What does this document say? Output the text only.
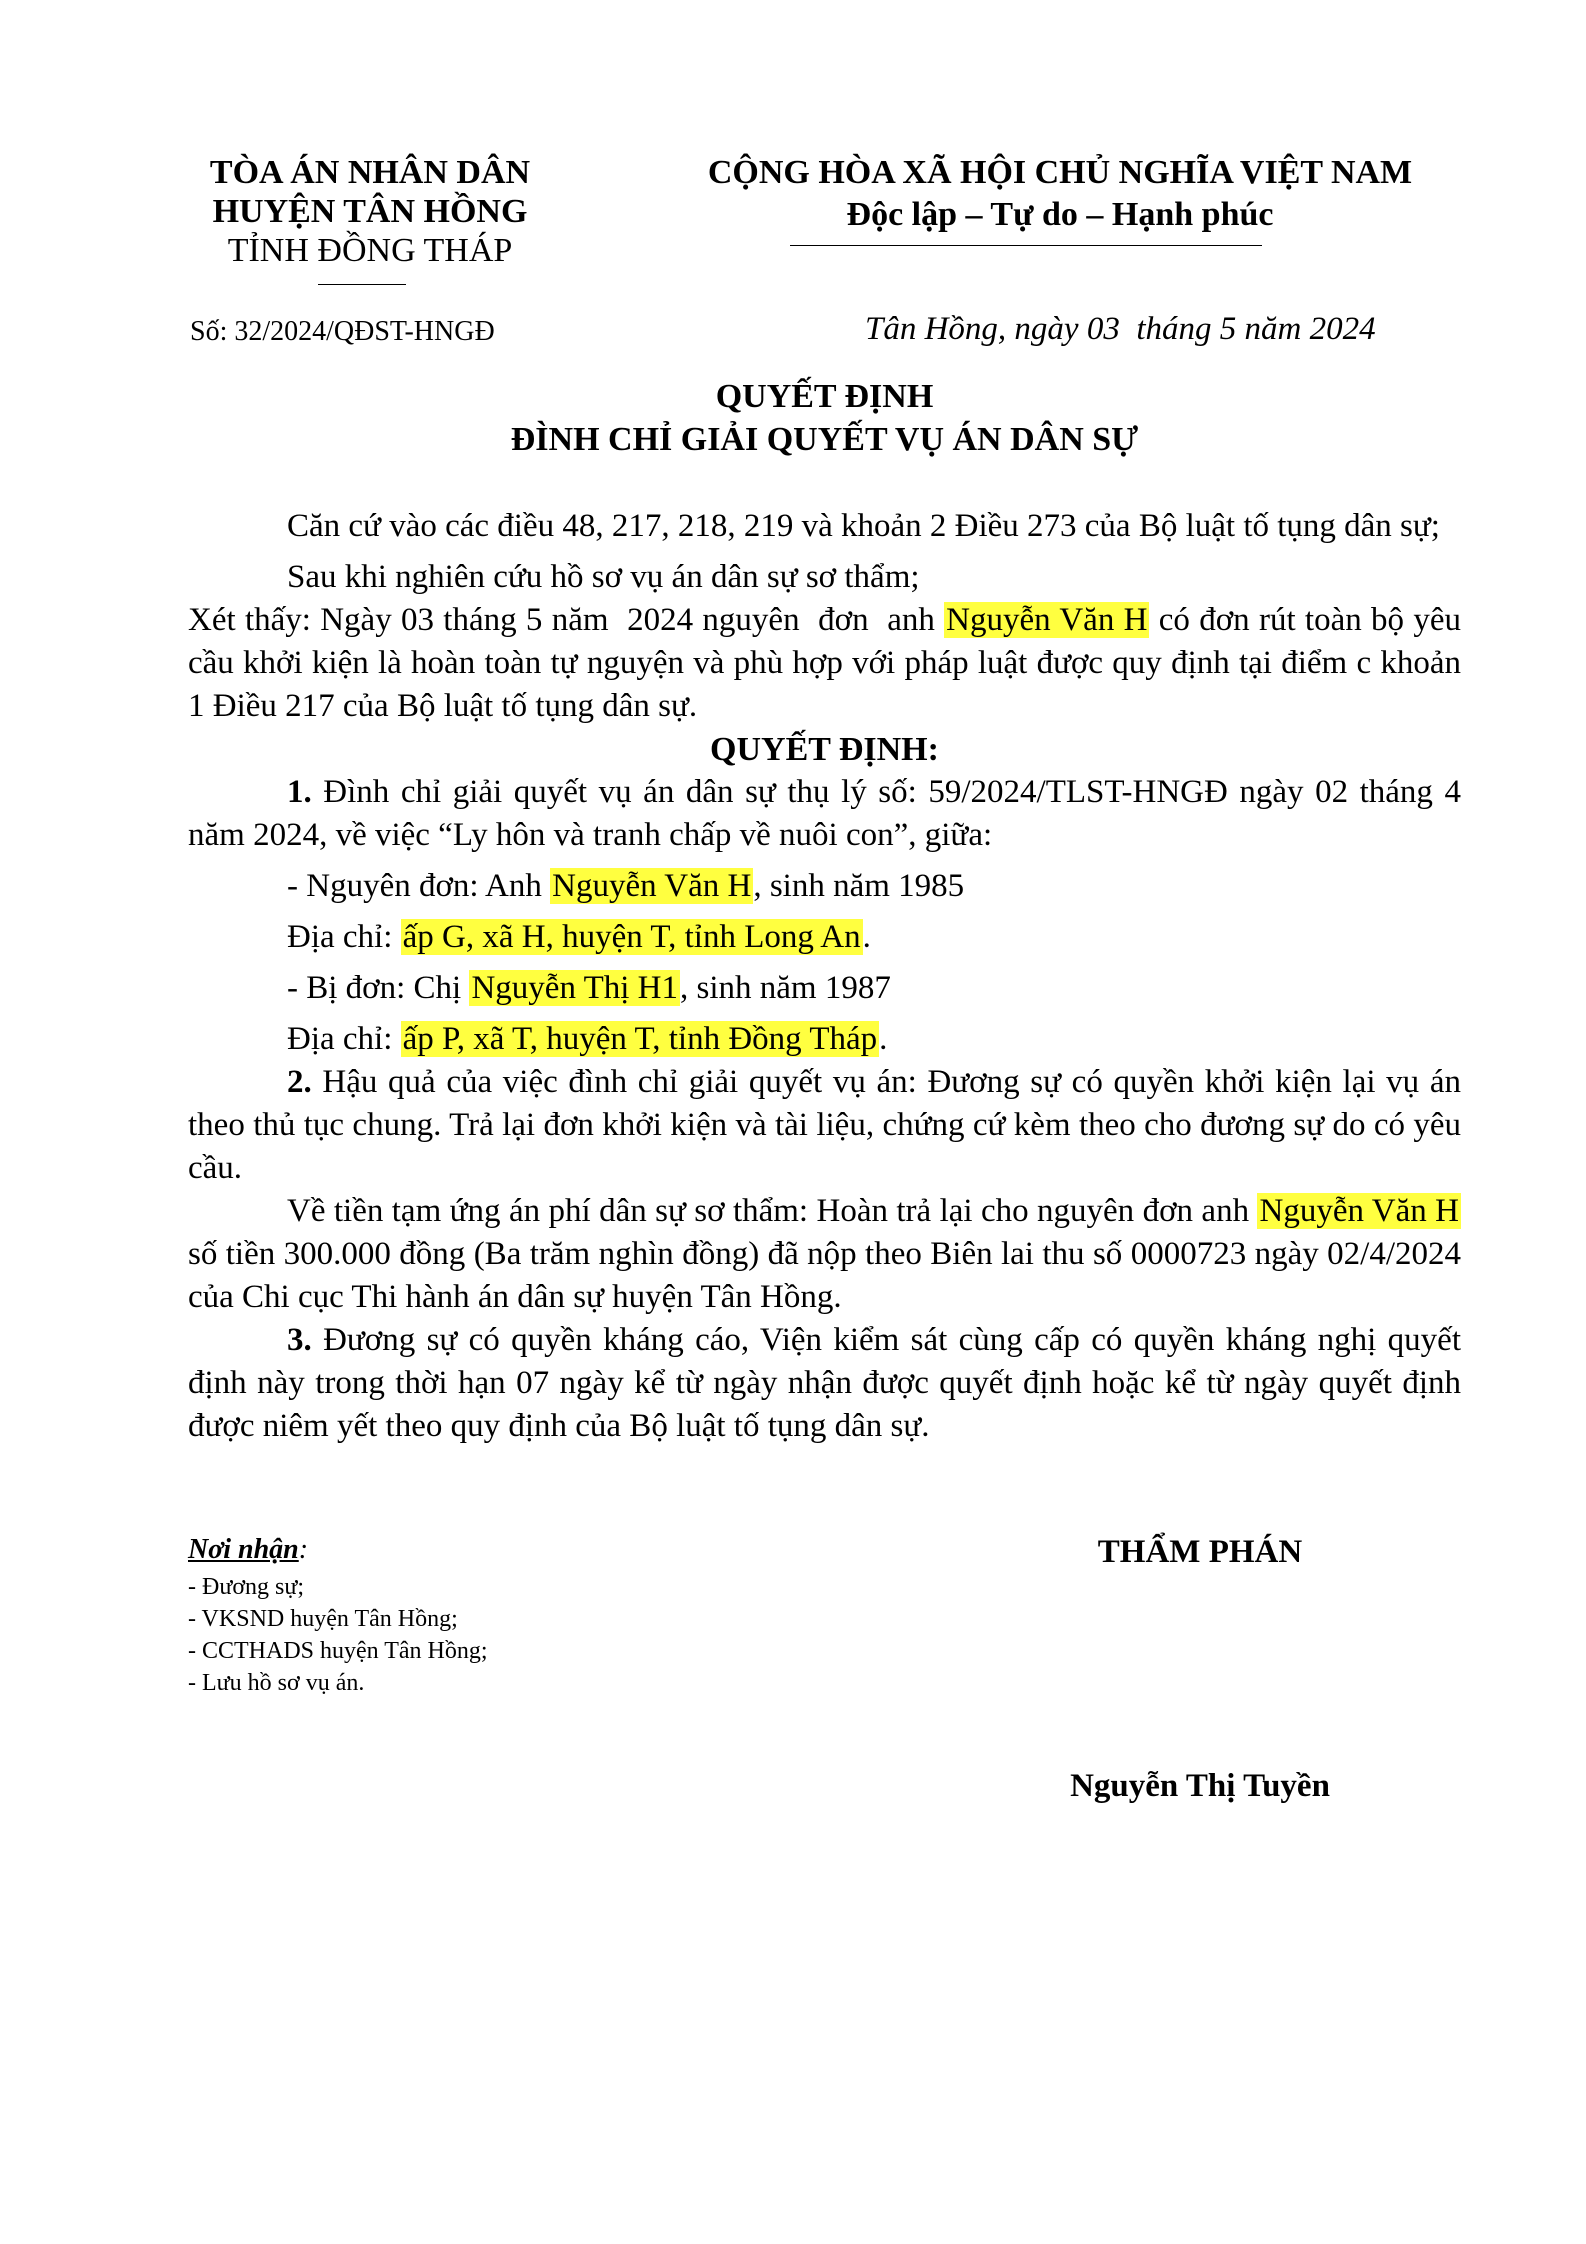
TÒA ÁN NHÂN DÂN
HUYỆN TÂN HỒNG
TỈNH ĐỒNG THÁP
CỘNG HÒA XÃ HỘI CHỦ NGHĨA VIỆT NAM
Độc lập – Tự do – Hạnh phúc
Số: 32/2024/QĐST-HNGĐ	Tân Hồng, ngày 03  tháng 5 năm 2024
QUYẾT ĐỊNH
ĐÌNH CHỈ GIẢI QUYẾT VỤ ÁN DÂN SỰ

Căn cứ vào các điều 48, 217, 218, 219 và khoản 2 Điều 273 của Bộ luật tố tụng dân sự;

Sau khi nghiên cứu hồ sơ vụ án dân sự sơ thẩm;

Xét thấy: Ngày 03 tháng 5 năm  2024 nguyên  đơn  anh Nguyễn Văn H có đơn rút toàn bộ yêu cầu khởi kiện là hoàn toàn tự nguyện và phù hợp với pháp luật được quy định tại điểm c khoản 1 Điều 217 của Bộ luật tố tụng dân sự.

QUYẾT ĐỊNH:

1. Đình chỉ giải quyết vụ án dân sự thụ lý số: 59/2024/TLST-HNGĐ ngày 02 tháng 4 năm 2024, về việc “Ly hôn và tranh chấp về nuôi con”, giữa:

- Nguyên đơn: Anh Nguyễn Văn H, sinh năm 1985

Địa chỉ: ấp G, xã H, huyện T, tỉnh Long An.

- Bị đơn: Chị Nguyễn Thị H1, sinh năm 1987

Địa chỉ: ấp P, xã T, huyện T, tỉnh Đồng Tháp.

2. Hậu quả của việc đình chỉ giải quyết vụ án: Đương sự có quyền khởi kiện lại vụ án theo thủ tục chung. Trả lại đơn khởi kiện và tài liệu, chứng cứ kèm theo cho đương sự do có yêu cầu.

Về tiền tạm ứng án phí dân sự sơ thẩm: Hoàn trả lại cho nguyên đơn anh Nguyễn Văn H số tiền 300.000 đồng (Ba trăm nghìn đồng) đã nộp theo Biên lai thu số 0000723 ngày 02/4/2024 của Chi cục Thi hành án dân sự huyện Tân Hồng.

3. Đương sự có quyền kháng cáo, Viện kiểm sát cùng cấp có quyền kháng nghị quyết định này trong thời hạn 07 ngày kể từ ngày nhận được quyết định hoặc kể từ ngày quyết định được niêm yết theo quy định của Bộ luật tố tụng dân sự.

Nơi nhận:
- Đương sự;
- VKSND huyện Tân Hồng;
- CCTHADS huyện Tân Hồng;
- Lưu hồ sơ vụ án.
THẨM PHÁN
Nguyễn Thị Tuyền
